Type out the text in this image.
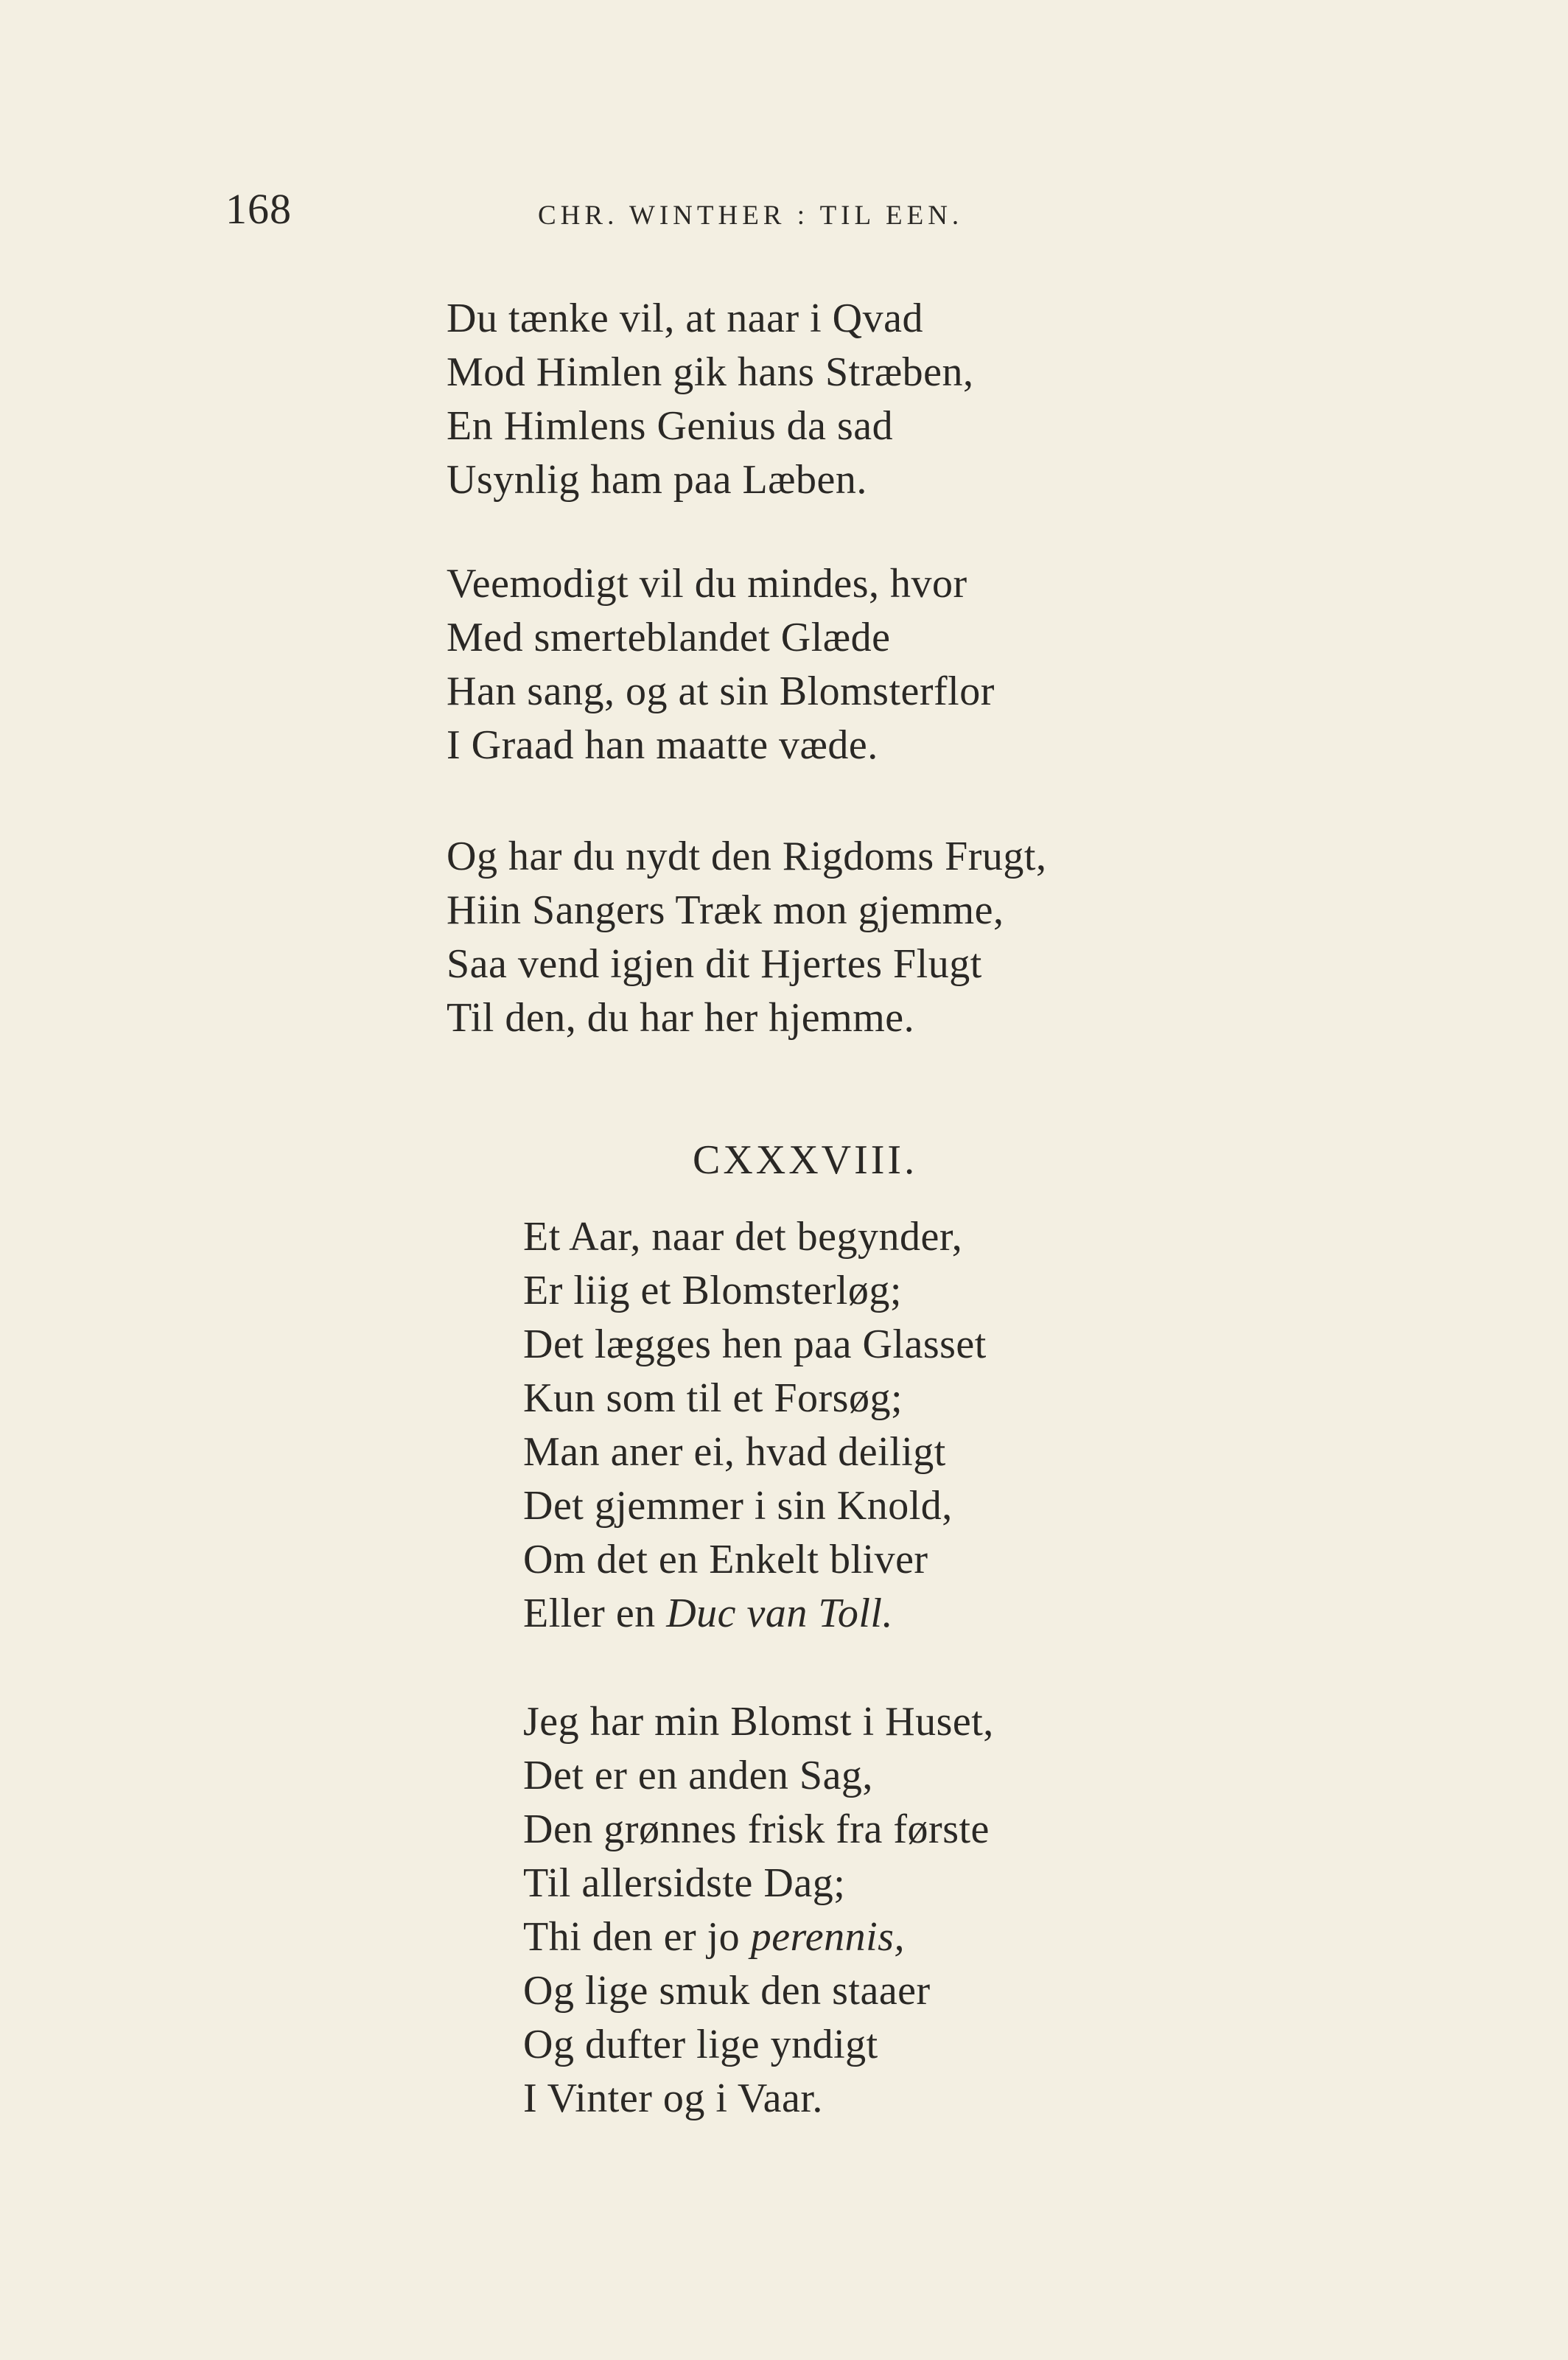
168	CHR. WINTHER : TIL EEN.
Du tænke vil, at naar i Qvad
Mod Himlen gik hans Stræben,
En Himlens Genius da sad
Usynlig ham paa Læben.
Veemodigt vil du mindes, hvor
Med smerteblandet Glæde
Han sang, og at sin Blomsterflor
I Graad han maatte væde.
Og har du nydt den Rigdoms Frugt,
Hiin Sangers Træk mon gjemme,
Saa vend igjen dit Hjertes Flugt
Til den, du har her hjemme.
CXXXVIII.
Et Aar, naar det begynder,
Er liig et Blomsterløg;
Det lægges hen paa Glasset
Kun som til et Forsøg;
Man aner ei, hvad deiligt
Det gjemmer i sin Knold,
Om det en Enkelt bliver
Eller en Duc van Toll.
Jeg har min Blomst i Huset,
Det er en anden Sag,
Den grønnes frisk fra første
Til allersidste Dag;
Thi den er jo perennis,
Og lige smuk den staaer
Og dufter lige yndigt
I Vinter og i Vaar.
